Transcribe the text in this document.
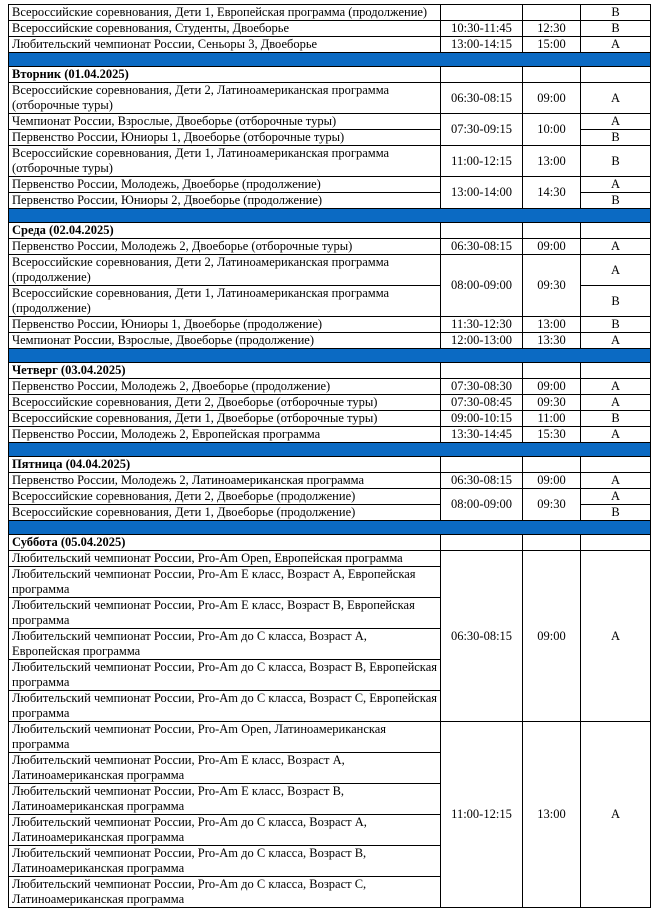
Всероссийские соревнования, Дети 1, Европейская программа (продолжение)			В
Всероссийские соревнования, Студенты, Двоеборье	10:30-11:45	12:30	В
Любительский чемпионат России, Сеньоры 3, Двоеборье	13:00-14:15	15:00	А

Вторник (01.04.2025)			
Всероссийские соревнования, Дети 2, Латиноамериканская программа (отборочные туры)	06:30-08:15	09:00	А
Чемпионат России, Взрослые, Двоеборье (отборочные туры)	07:30-09:15	10:00	А
Первенство России, Юниоры 1, Двоеборье (отборочные туры)			В
Всероссийские соревнования, Дети 1, Латиноамериканская программа (отборочные туры)	11:00-12:15	13:00	В
Первенство России, Молодежь, Двоеборье (продолжение)	13:00-14:00	14:30	А
Первенство России, Юниоры 2, Двоеборье (продолжение)			В

Среда (02.04.2025)			
Первенство России, Молодежь 2, Двоеборье (отборочные туры)	06:30-08:15	09:00	А
Всероссийские соревнования, Дети 2, Латиноамериканская программа (продолжение)	08:00-09:00	09:30	А
Всероссийские соревнования, Дети 1, Латиноамериканская программа (продолжение)			В
Первенство России, Юниоры 1, Двоеборье (продолжение)	11:30-12:30	13:00	В
Чемпионат России, Взрослые, Двоеборье (продолжение)	12:00-13:00	13:30	А

Четверг (03.04.2025)			
Первенство России, Молодежь 2, Двоеборье (продолжение)	07:30-08:30	09:00	А
Всероссийские соревнования, Дети 2, Двоеборье (отборочные туры)	07:30-08:45	09:30	А
Всероссийские соревнования, Дети 1, Двоеборье (отборочные туры)	09:00-10:15	11:00	В
Первенство России, Молодежь 2, Европейская программа	13:30-14:45	15:30	А

Пятница (04.04.2025)			
Первенство России, Молодежь 2, Латиноамериканская программа	06:30-08:15	09:00	А
Всероссийские соревнования, Дети 2, Двоеборье (продолжение)	08:00-09:00	09:30	А
Всероссийские соревнования, Дети 1, Двоеборье (продолжение)			В

Суббота (05.04.2025)			
Любительский чемпионат России, Pro-Am Open, Европейская программа	06:30-08:15	09:00	А
Любительский чемпионат России, Pro-Am E класс, Возраст А, Европейская программа			
Любительский чемпионат России, Pro-Am E класс, Возраст В, Европейская программа			
Любительский чемпионат России, Pro-Am до С класса, Возраст А, Европейская программа			
Любительский чемпионат России, Pro-Am до С класса, Возраст В, Европейская программа			
Любительский чемпионат России, Pro-Am до С класса, Возраст С, Европейская программа			
Любительский чемпионат России, Pro-Am Open, Латиноамериканская программа	11:00-12:15	13:00	А
Любительский чемпионат России, Pro-Am E класс, Возраст А, Латиноамериканская программа			
Любительский чемпионат России, Pro-Am E класс, Возраст В, Латиноамериканская программа			
Любительский чемпионат России, Pro-Am до С класса, Возраст А, Латиноамериканская программа			
Любительский чемпионат России, Pro-Am до С класса, Возраст В, Латиноамериканская программа			
Любительский чемпионат России, Pro-Am до С класса, Возраст С, Латиноамериканская программа			
